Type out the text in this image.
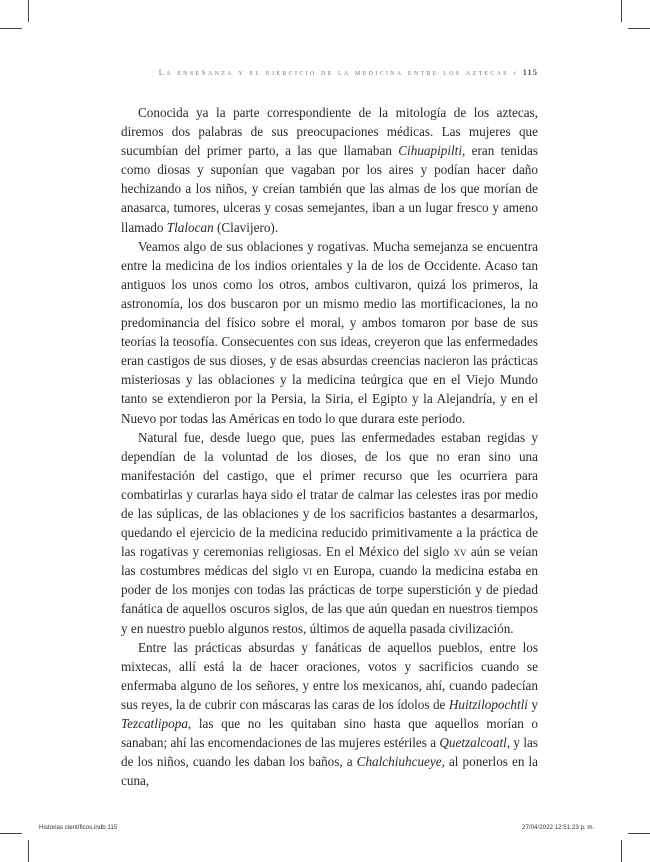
La enseñanza y el ejercicio de la medicina entre los aztecas ‹ 115

Conocida ya la parte correspondiente de la mitología de los aztecas, diremos dos palabras de sus preocupaciones médicas. Las mujeres que sucumbían del primer parto, a las que llamaban Cihuapipilti, eran tenidas como diosas y suponían que vagaban por los aires y podían hacer daño hechizando a los niños, y creían también que las almas de los que morían de anasarca, tumores, ulceras y cosas semejantes, iban a un lugar fresco y ameno llamado Tlalocan (Clavijero).

Veamos algo de sus oblaciones y rogativas. Mucha semejanza se encuentra entre la medicina de los indios orientales y la de los de Occidente. Acaso tan antiguos los unos como los otros, ambos cultivaron, quizá los primeros, la astronomía, los dos buscaron por un mismo medio las mortificaciones, la no predominancia del físico sobre el moral, y ambos tomaron por base de sus teorías la teosofía. Consecuentes con sus ideas, creyeron que las enfermedades eran castigos de sus dioses, y de esas absurdas creencias nacieron las prácticas misteriosas y las oblaciones y la medicina teúrgica que en el Viejo Mundo tanto se extendieron por la Persia, la Siria, el Egipto y la Alejandría, y en el Nuevo por todas las Américas en todo lo que durara este periodo.

Natural fue, desde luego que, pues las enfermedades estaban regidas y dependían de la voluntad de los dioses, de los que no eran sino una manifestación del castigo, que el primer recurso que les ocurriera para combatirlas y curarlas haya sido el tratar de calmar las celestes iras por medio de las súplicas, de las oblaciones y de los sacrificios bastantes a desarmarlos, quedando el ejercicio de la medicina reducido primitivamente a la práctica de las rogativas y ceremonias religiosas. En el México del siglo xv aún se veían las costumbres médicas del siglo vi en Europa, cuando la medicina estaba en poder de los monjes con todas las prácticas de torpe superstición y de piedad fanática de aquellos oscuros siglos, de las que aún quedan en nuestros tiempos y en nuestro pueblo algunos restos, últimos de aquella pasada civilización.

Entre las prácticas absurdas y fanáticas de aquellos pueblos, entre los mixtecas, allí está la de hacer oraciones, votos y sacrificios cuando se enfermaba alguno de los señores, y entre los mexicanos, ahí, cuando padecían sus reyes, la de cubrir con máscaras las caras de los ídolos de Huitzilopochtli y Tezcatlipopa, las que no les quitaban sino hasta que aquellos morían o sanaban; ahí las encomendaciones de las mujeres estériles a Quetzalcoatl, y las de los niños, cuando les daban los baños, a Chalchiuhcueye, al ponerlos en la cuna,

Historias científicos.indb 115	27/04/2022 12:51:23 p. m.
